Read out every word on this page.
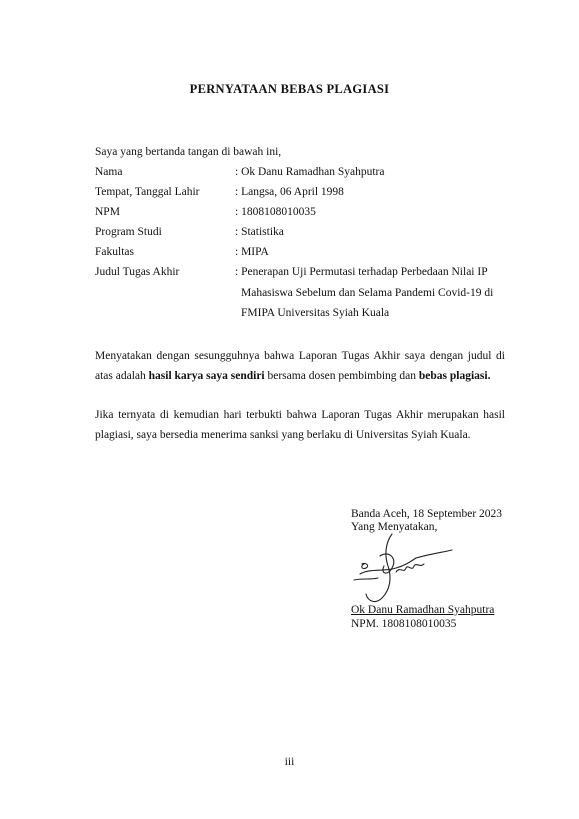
PERNYATAAN BEBAS PLAGIASI
Saya yang bertanda tangan di bawah ini,
Nama	: Ok Danu Ramadhan Syahputra
Tempat, Tanggal Lahir	: Langsa, 06 April 1998
NPM	: 1808108010035
Program Studi	: Statistika
Fakultas	: MIPA
Judul Tugas Akhir	: Penerapan Uji Permutasi terhadap Perbedaan Nilai IP
Mahasiswa Sebelum dan Selama Pandemi Covid-19 di
FMIPA Universitas Syiah Kuala
Menyatakan dengan sesungguhnya bahwa Laporan Tugas Akhir saya dengan judul di atas adalah hasil karya saya sendiri bersama dosen pembimbing dan bebas plagiasi.
Jika ternyata di kemudian hari terbukti bahwa Laporan Tugas Akhir merupakan hasil plagiasi, saya bersedia menerima sanksi yang berlaku di Universitas Syiah Kuala.
Banda Aceh, 18 September 2023
Yang Menyatakan,
Ok Danu Ramadhan Syahputra
NPM. 1808108010035
iii
